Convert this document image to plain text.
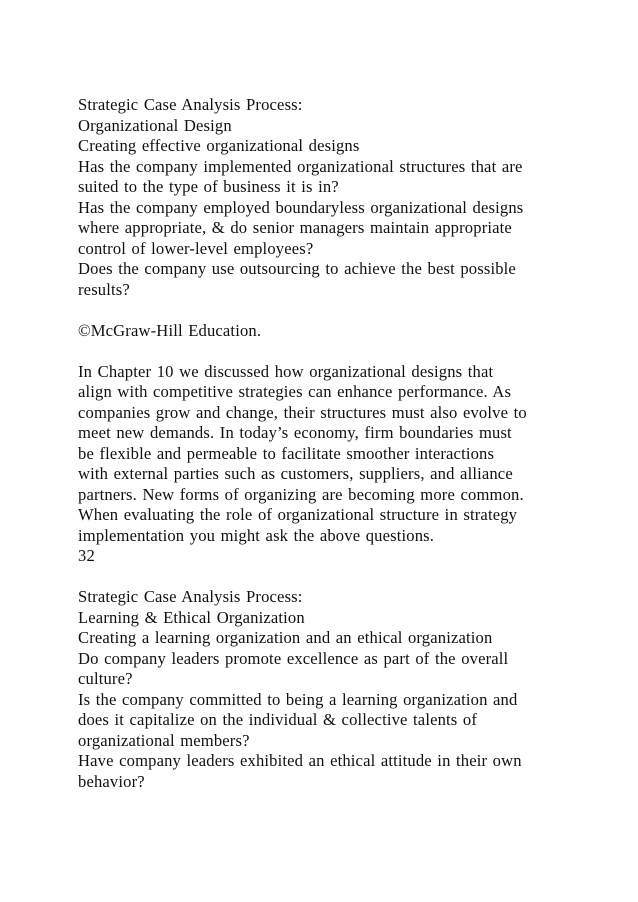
Strategic Case Analysis Process:
Organizational Design
Creating effective organizational designs
Has the company implemented organizational structures that are
suited to the type of business it is in?
Has the company employed boundaryless organizational designs
where appropriate, & do senior managers maintain appropriate
control of lower-level employees?
Does the company use outsourcing to achieve the best possible
results?
©McGraw-Hill Education.
In Chapter 10 we discussed how organizational designs that
align with competitive strategies can enhance performance. As
companies grow and change, their structures must also evolve to
meet new demands. In today’s economy, firm boundaries must
be flexible and permeable to facilitate smoother interactions
with external parties such as customers, suppliers, and alliance
partners. New forms of organizing are becoming more common.
When evaluating the role of organizational structure in strategy
implementation you might ask the above questions.
32
Strategic Case Analysis Process:
Learning & Ethical Organization
Creating a learning organization and an ethical organization
Do company leaders promote excellence as part of the overall
culture?
Is the company committed to being a learning organization and
does it capitalize on the individual & collective talents of
organizational members?
Have company leaders exhibited an ethical attitude in their own
behavior?
